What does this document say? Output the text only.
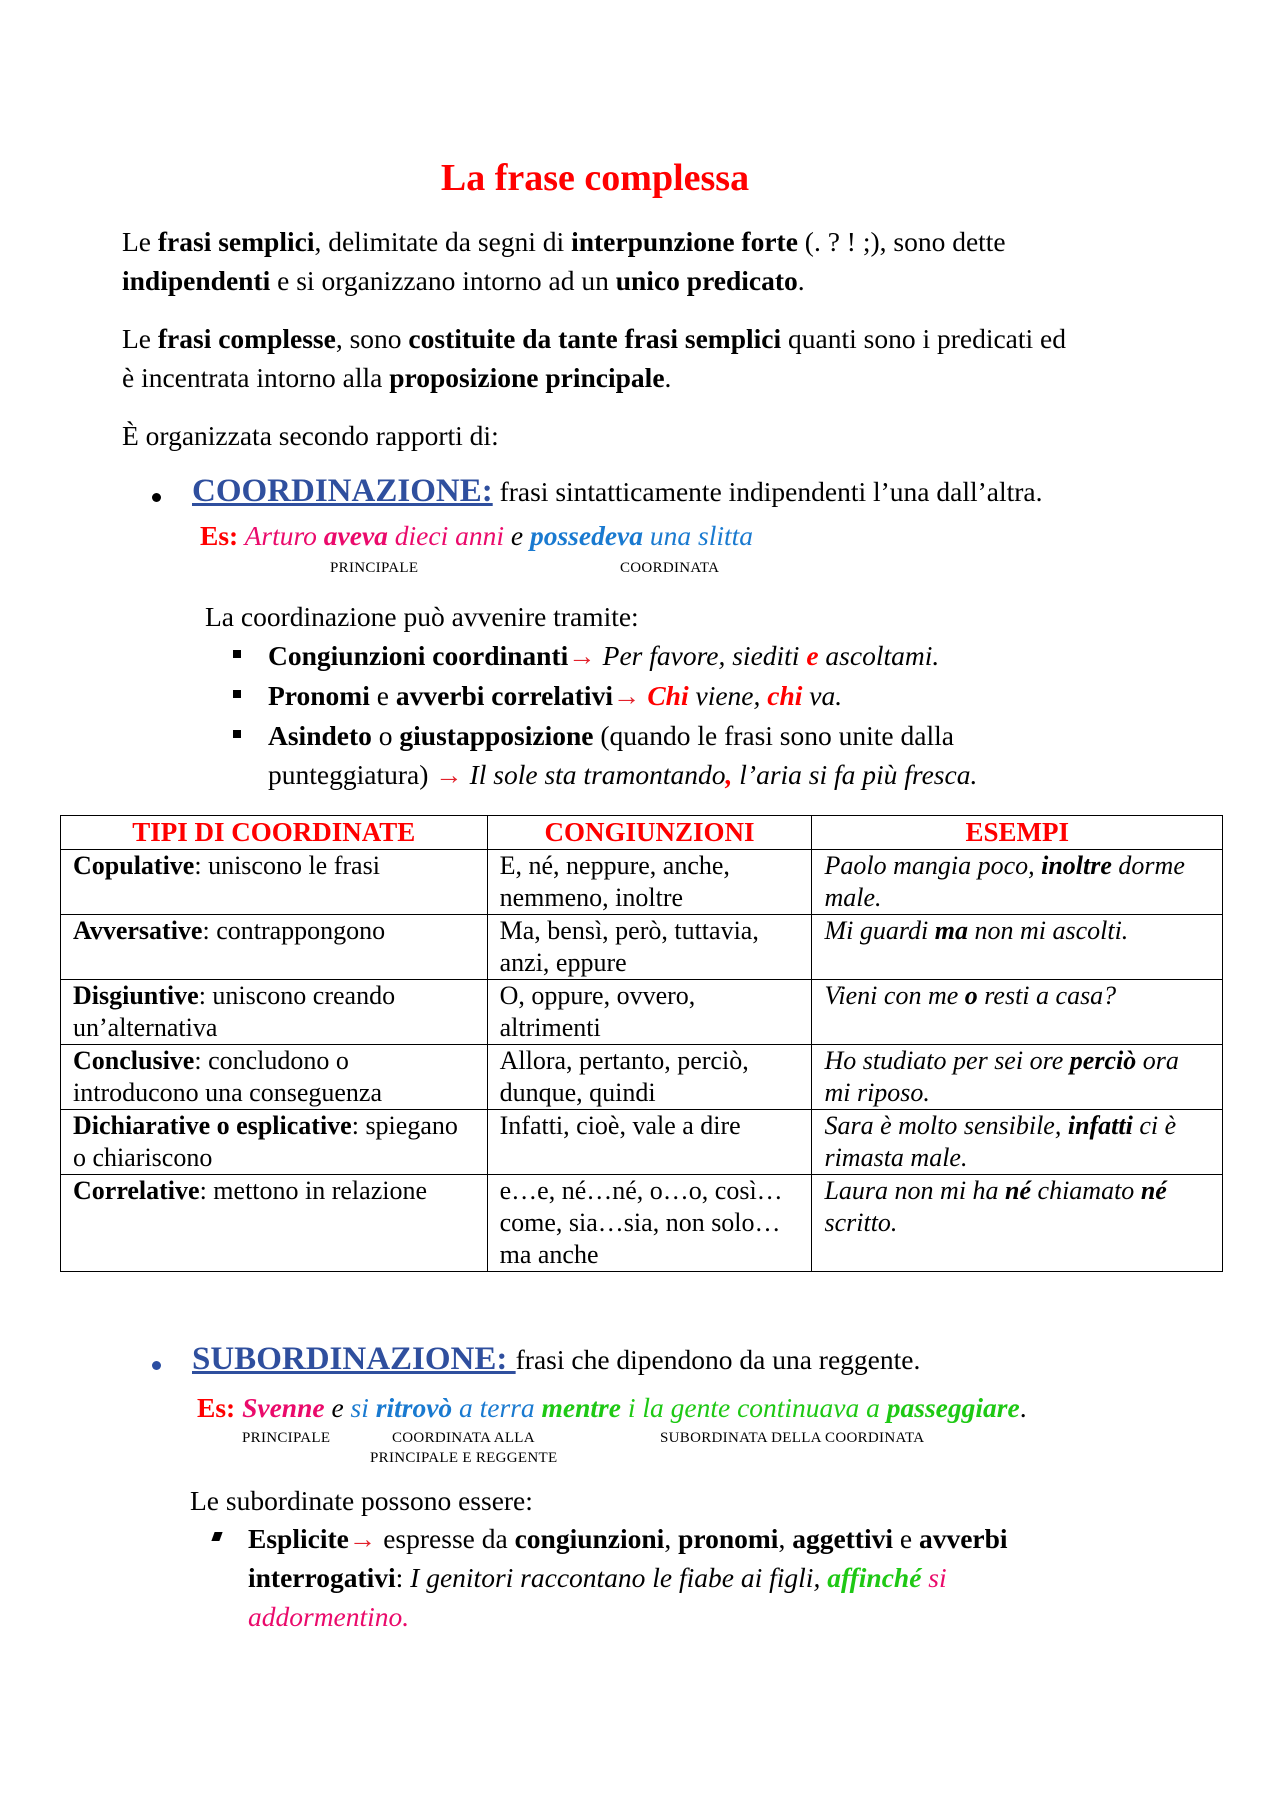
La frase complessa
Le frasi semplici, delimitate da segni di interpunzione forte (. ? ! ;), sono dette
indipendenti e si organizzano intorno ad un unico predicato.
Le frasi complesse, sono costituite da tante frasi semplici quanti sono i predicati ed
è incentrata intorno alla proposizione principale.
È organizzata secondo rapporti di:
COORDINAZIONE: frasi sintatticamente indipendenti l’una dall’altra.
Es: Arturo aveva dieci anni e possedeva una slitta
PRINCIPALE	COORDINATA
La coordinazione può avvenire tramite:
Congiunzioni coordinanti→ Per favore, siediti e ascoltami.
Pronomi e avverbi correlativi→ Chi viene, chi va.
Asindeto o giustapposizione (quando le frasi sono unite dalla
punteggiatura) → Il sole sta tramontando, l’aria si fa più fresca.
TIPI DI COORDINATE	CONGIUNZIONI	ESEMPI
Copulative: uniscono le frasi	E, né, neppure, anche, nemmeno, inoltre	Paolo mangia poco, inoltre dorme male.
Avversative: contrappongono	Ma, bensì, però, tuttavia, anzi, eppure	Mi guardi ma non mi ascolti.
Disgiuntive: uniscono creando un’alternativa	O, oppure, ovvero, altrimenti	Vieni con me o resti a casa?
Conclusive: concludono o introducono una conseguenza	Allora, pertanto, perciò, dunque, quindi	Ho studiato per sei ore perciò ora mi riposo.
Dichiarative o esplicative: spiegano o chiariscono	Infatti, cioè, vale a dire	Sara è molto sensibile, infatti ci è rimasta male.
Correlative: mettono in relazione	e…e, né…né, o…o, così…come, sia…sia, non solo…ma anche	Laura non mi ha né chiamato né scritto.
SUBORDINAZIONE: frasi che dipendono da una reggente.
Es: Svenne e si ritrovò a terra mentre i la gente continuava a passeggiare.
PRINCIPALE	COORDINATA ALLA
PRINCIPALE E REGGENTE
SUBORDINATA DELLA COORDINATA
Le subordinate possono essere:
Esplicite→ espresse da congiunzioni, pronomi, aggettivi e avverbi
interrogativi: I genitori raccontano le fiabe ai figli, affinché si
addormentino.
